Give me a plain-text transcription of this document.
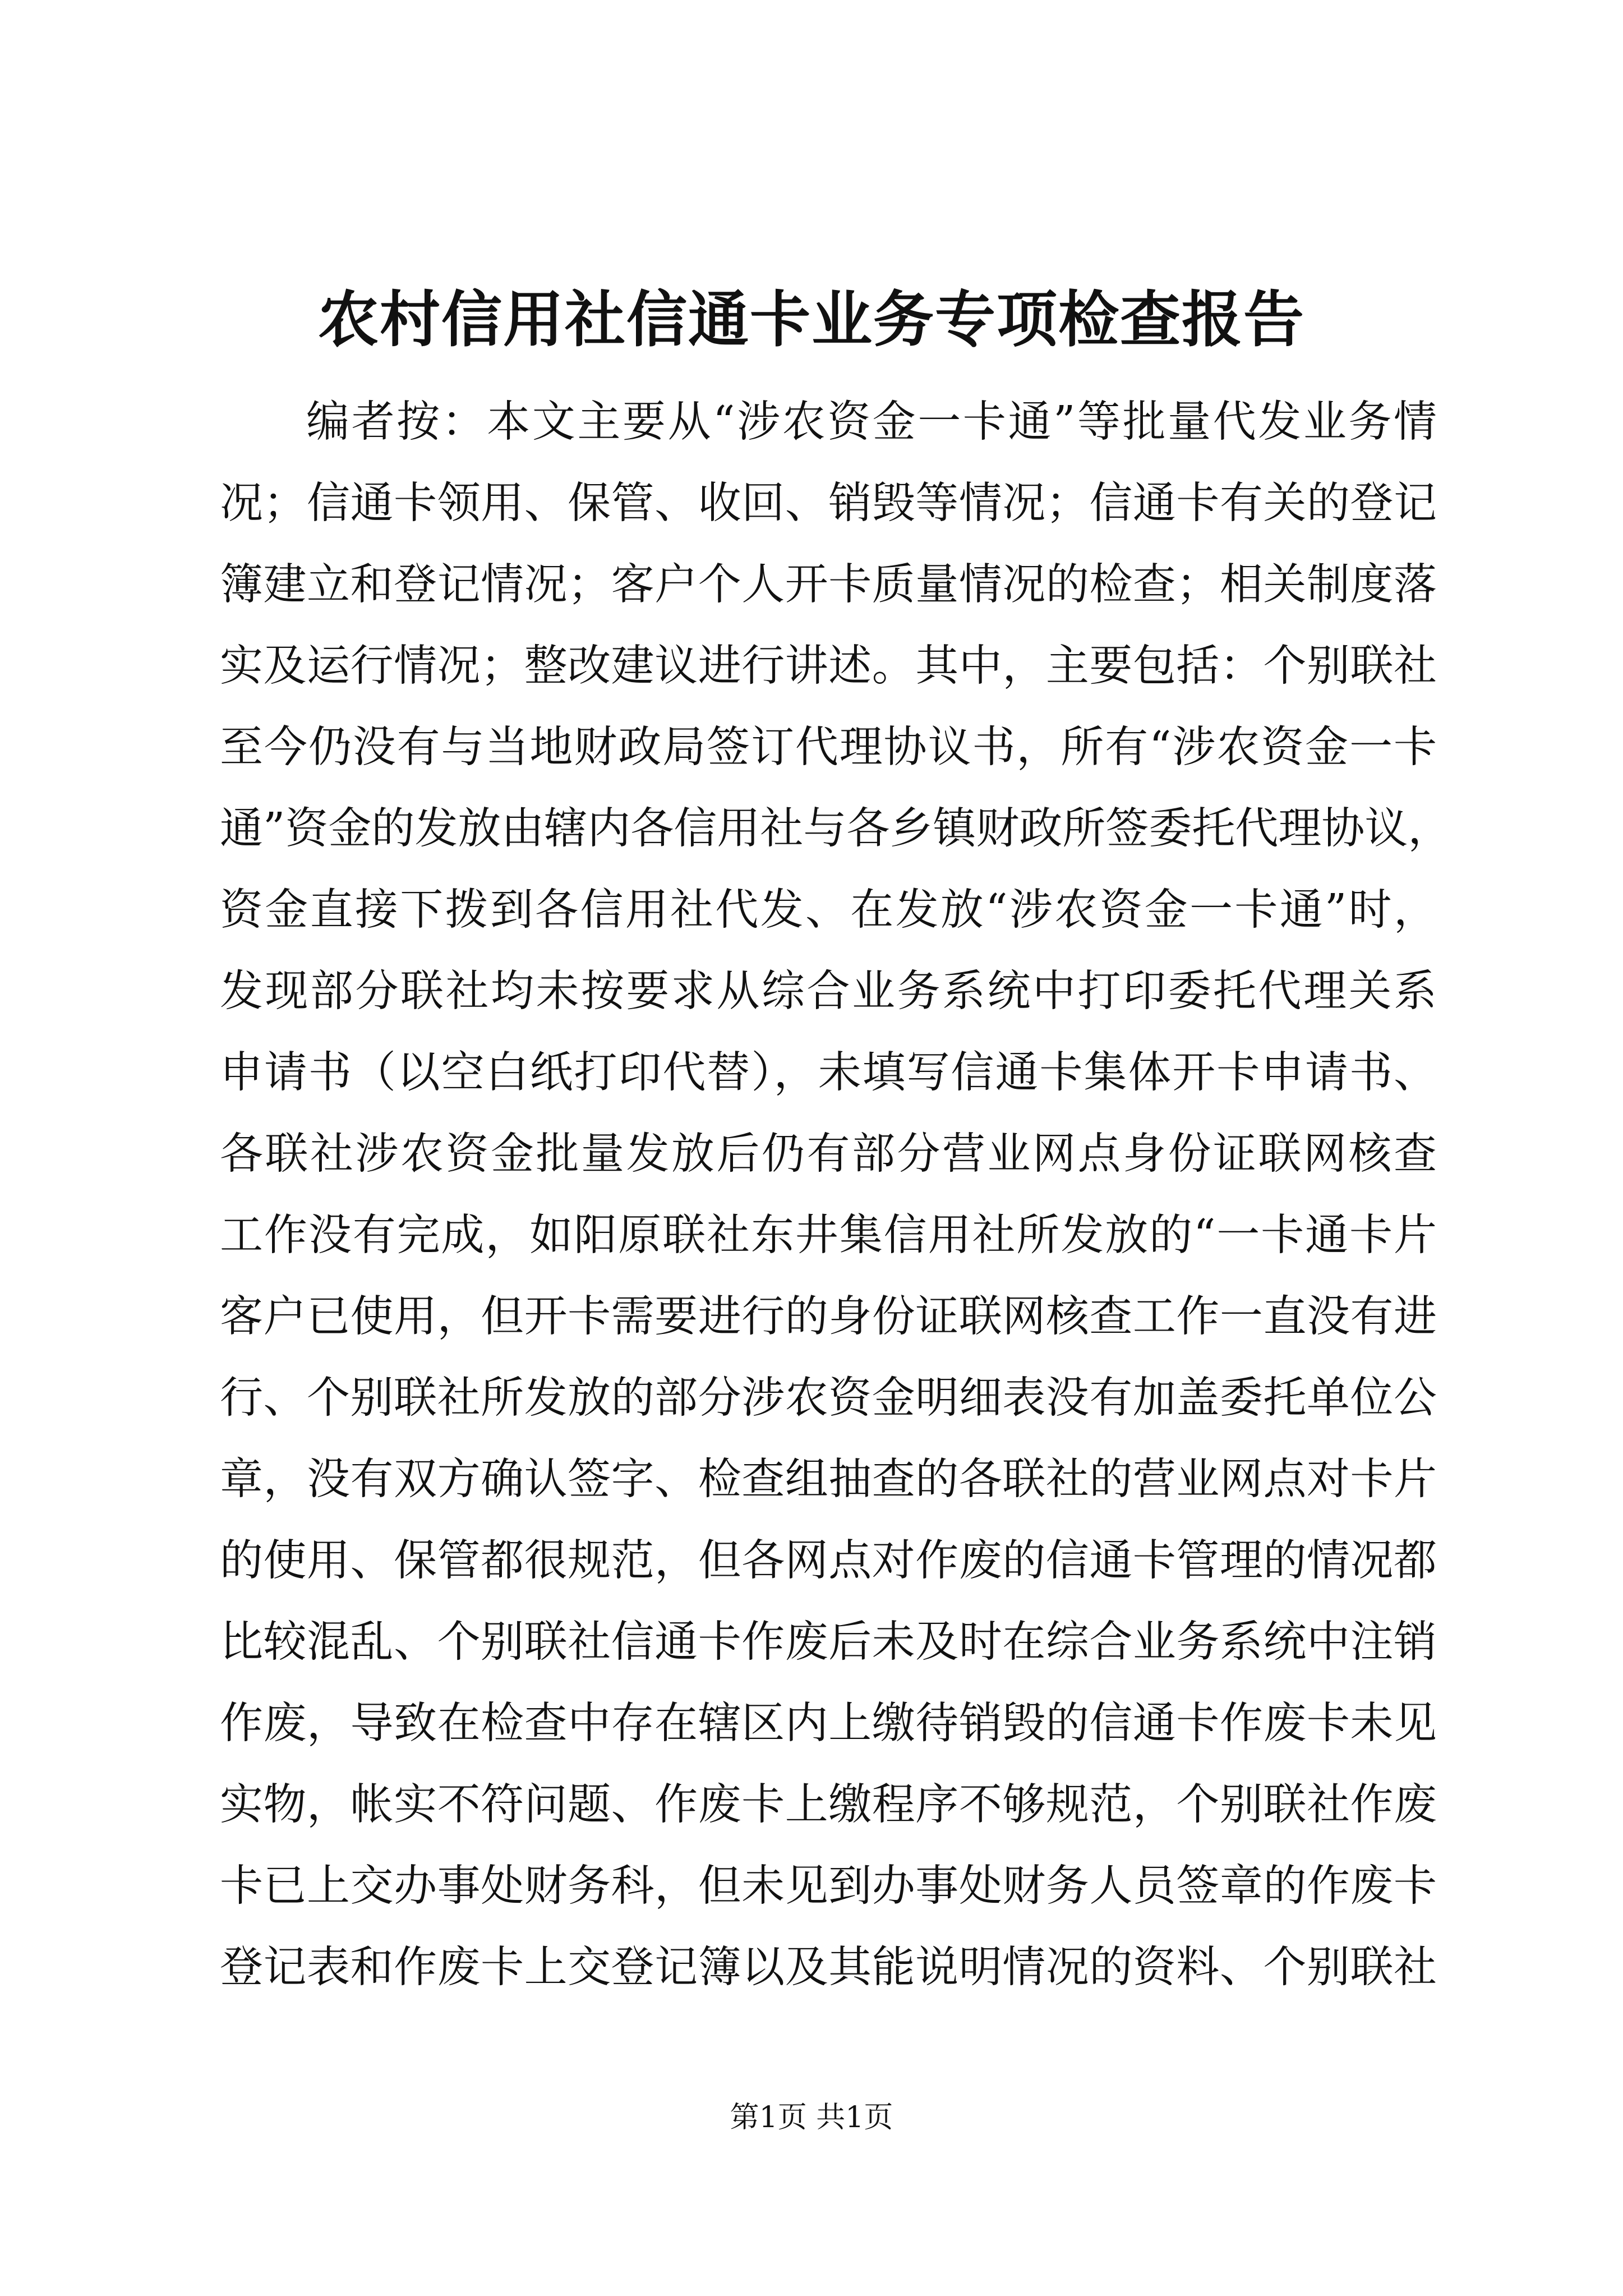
农村信用社信通卡业务专项检查报告
编者按：本文主要从“涉农资金一卡通”等批量代发业务情
况；信通卡领用、保管、收回、销毁等情况；信通卡有关的登记
簿建立和登记情况；客户个人开卡质量情况的检查；相关制度落
实及运行情况；整改建议进行讲述。其中，主要包括：个别联社
至今仍没有与当地财政局签订代理协议书，所有“涉农资金一卡
通”资金的发放由辖内各信用社与各乡镇财政所签委托代理协议，
资金直接下拨到各信用社代发、在发放“涉农资金一卡通”时，
发现部分联社均未按要求从综合业务系统中打印委托代理关系
申请书（以空白纸打印代替），未填写信通卡集体开卡申请书、
各联社涉农资金批量发放后仍有部分营业网点身份证联网核查
工作没有完成，如阳原联社东井集信用社所发放的“一卡通卡片
客户已使用，但开卡需要进行的身份证联网核查工作一直没有进
行、个别联社所发放的部分涉农资金明细表没有加盖委托单位公
章，没有双方确认签字、检查组抽查的各联社的营业网点对卡片
的使用、保管都很规范，但各网点对作废的信通卡管理的情况都
比较混乱、个别联社信通卡作废后未及时在综合业务系统中注销
作废，导致在检查中存在辖区内上缴待销毁的信通卡作废卡未见
实物，帐实不符问题、作废卡上缴程序不够规范，个别联社作废
卡已上交办事处财务科，但未见到办事处财务人员签章的作废卡
登记表和作废卡上交登记簿以及其能说明情况的资料、个别联社
第1页 共1页
